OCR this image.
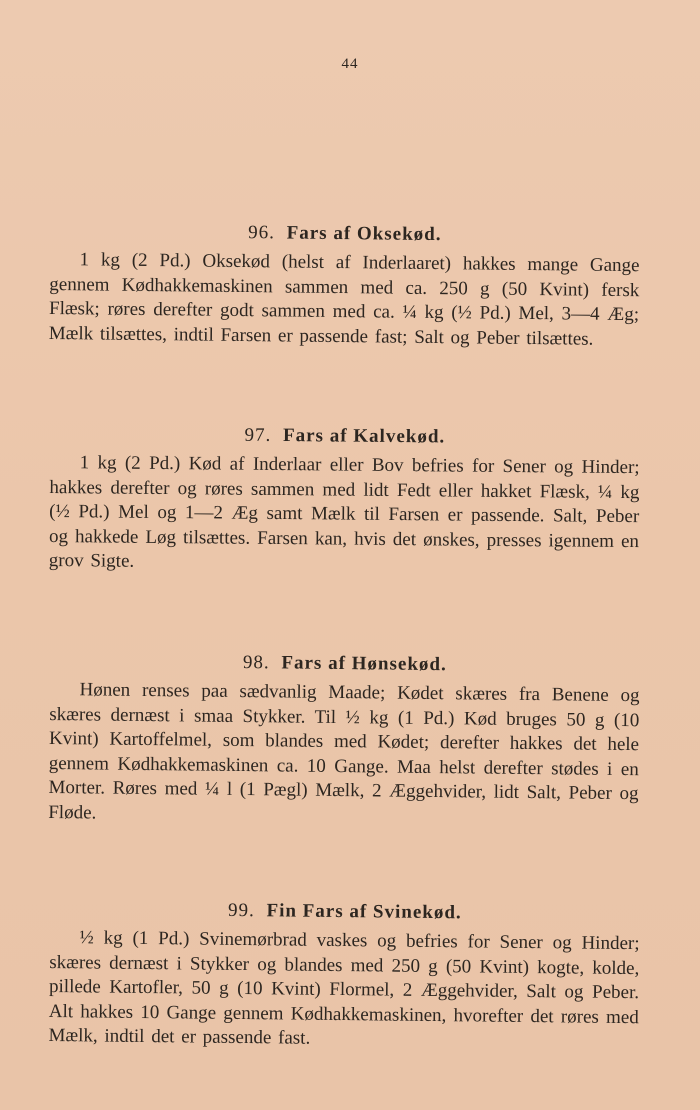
44
96. Fars af Oksekød.

1 kg (2 Pd.) Oksekød (helst af Inderlaaret) hakkes mange Gange gennem Kødhakkemaskinen sammen med ca. 250 g (50 Kvint) fersk Flæsk; røres derefter godt sammen med ca. ¼ kg (½ Pd.) Mel, 3—4 Æg; Mælk tilsættes, indtil Farsen er passende fast; Salt og Peber tilsættes.

97. Fars af Kalvekød.

1 kg (2 Pd.) Kød af Inderlaar eller Bov befries for Sener og Hinder; hakkes derefter og røres sammen med lidt Fedt eller hakket Flæsk, ¼ kg (½ Pd.) Mel og 1—2 Æg samt Mælk til Farsen er passende. Salt, Peber og hakkede Løg tilsættes. Farsen kan, hvis det ønskes, presses igennem en grov Sigte.

98. Fars af Hønsekød.

Hønen renses paa sædvanlig Maade; Kødet skæres fra Benene og skæres dernæst i smaa Stykker. Til ½ kg (1 Pd.) Kød bruges 50 g (10 Kvint) Kartoffelmel, som blandes med Kødet; derefter hakkes det hele gennem Kødhakkemaskinen ca. 10 Gange. Maa helst derefter stødes i en Morter. Røres med ¼ l (1 Pægl) Mælk, 2 Æggehvider, lidt Salt, Peber og Fløde.

99. Fin Fars af Svinekød.

½ kg (1 Pd.) Svinemørbrad vaskes og befries for Sener og Hinder; skæres dernæst i Stykker og blandes med 250 g (50 Kvint) kogte, kolde, pillede Kartofler, 50 g (10 Kvint) Flormel, 2 Æggehvider, Salt og Peber. Alt hakkes 10 Gange gennem Kødhakkemaskinen, hvorefter det røres med Mælk, indtil det er passende fast.
